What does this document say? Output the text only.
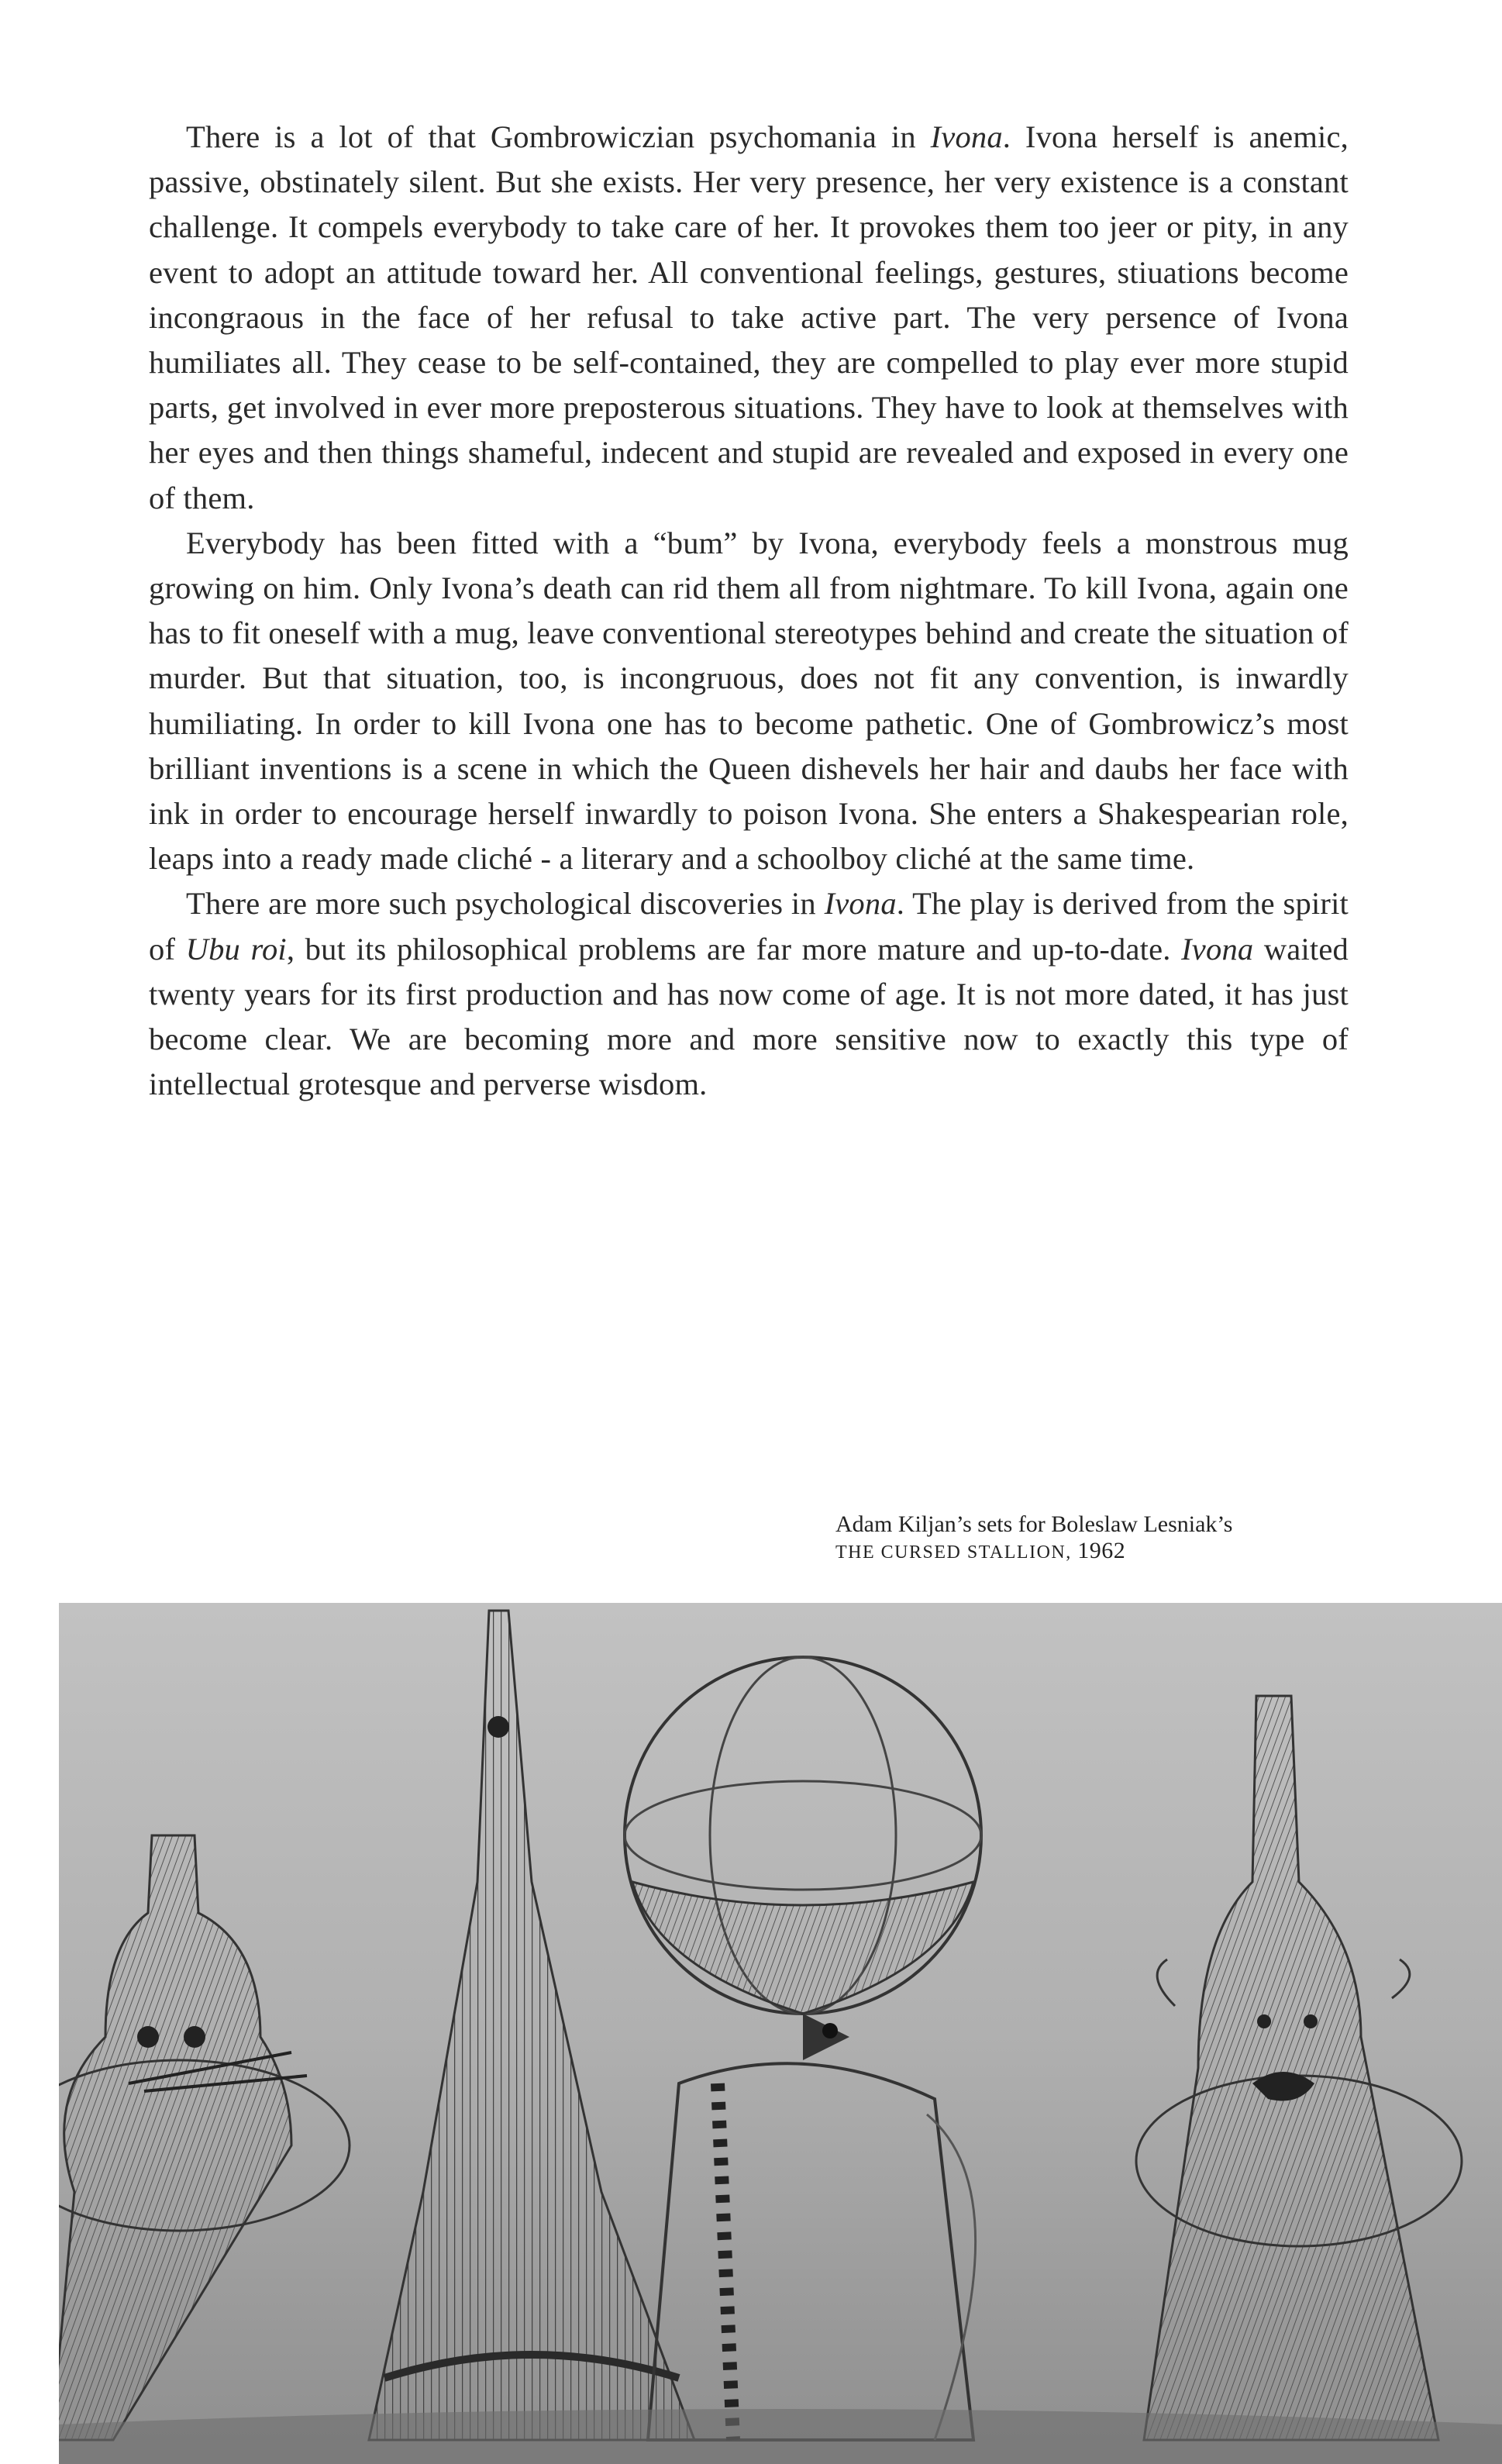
There is a lot of that Gombrowiczian psychomania in Ivona. Ivona herself is anemic, passive, obstinately silent. But she exists. Her very presence, her very existence is a constant challenge. It compels everybody to take care of her. It provokes them too jeer or pity, in any event to adopt an attitude toward her. All conventional feelings, gestures, stiuations become incongraous in the face of her refusal to take active part. The very persence of Ivona humiliates all. They cease to be self-contained, they are compelled to play ever more stupid parts, get involved in ever more preposterous situations. They have to look at themselves with her eyes and then things shameful, indecent and stupid are revealed and exposed in every one of them.

Everybody has been fitted with a “bum” by Ivona, everybody feels a monstrous mug growing on him. Only Ivona’s death can rid them all from nightmare. To kill Ivona, again one has to fit oneself with a mug, leave conventional stereotypes behind and create the situation of murder. But that situation, too, is incongruous, does not fit any convention, is inwardly humiliating. In order to kill Ivona one has to become pathetic. One of Gombrowicz’s most brilliant inventions is a scene in which the Queen dishevels her hair and daubs her face with ink in order to encourage herself inwardly to poison Ivona. She enters a Shakespearian role, leaps into a ready made cliché - a literary and a schoolboy cliché at the same time.

There are more such psychological discoveries in Ivona. The play is derived from the spirit of Ubu roi, but its philosophical problems are far more mature and up-to-date. Ivona waited twenty years for its first production and has now come of age. It is not more dated, it has just become clear. We are becoming more and more sensitive now to exactly this type of intellectual grotesque and perverse wisdom.

Adam Kiljan’s sets for Boleslaw Lesniak’s
THE CURSED STALLION, 1962
